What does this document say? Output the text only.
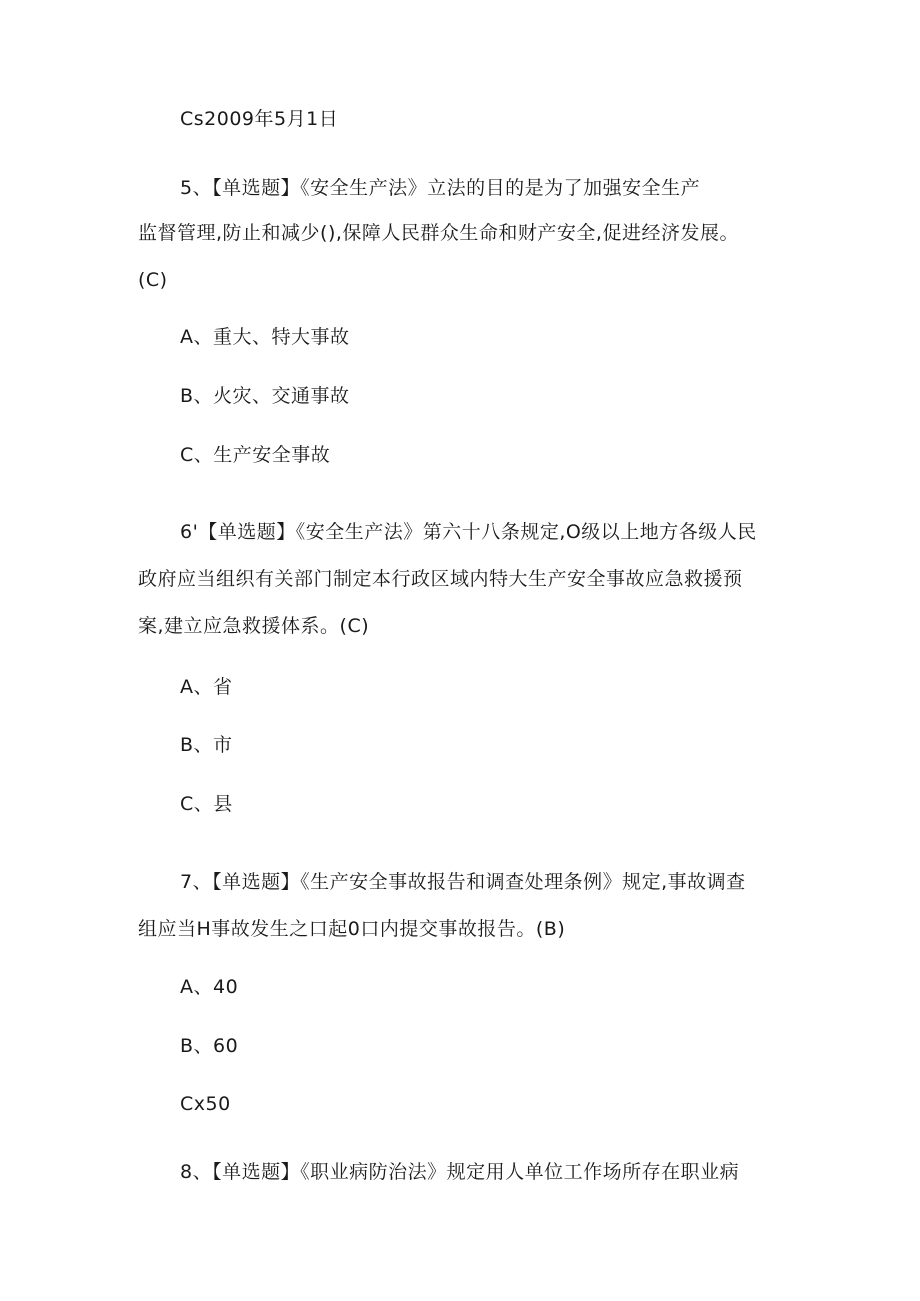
Cs2009年5月1日
5、【单选题】《安全生产法》立法的目的是为了加强安全生产
监督管理,防止和减少(),保障人民群众生命和财产安全,促进经济发展。
(C)
A、重大、特大事故
B、火灾、交通事故
C、生产安全事故
6'【单选题】《安全生产法》第六十八条规定,O级以上地方各级人民
政府应当组织有关部门制定本行政区域内特大生产安全事故应急救援预
案,建立应急救援体系。(C)
A、省
B、市
C、县
7、【单选题】《生产安全事故报告和调查处理条例》规定,事故调查
组应当H事故发生之口起0口内提交事故报告。(B)
A、40
B、60
Cx50
8、【单选题】《职业病防治法》规定用人单位工作场所存在职业病
